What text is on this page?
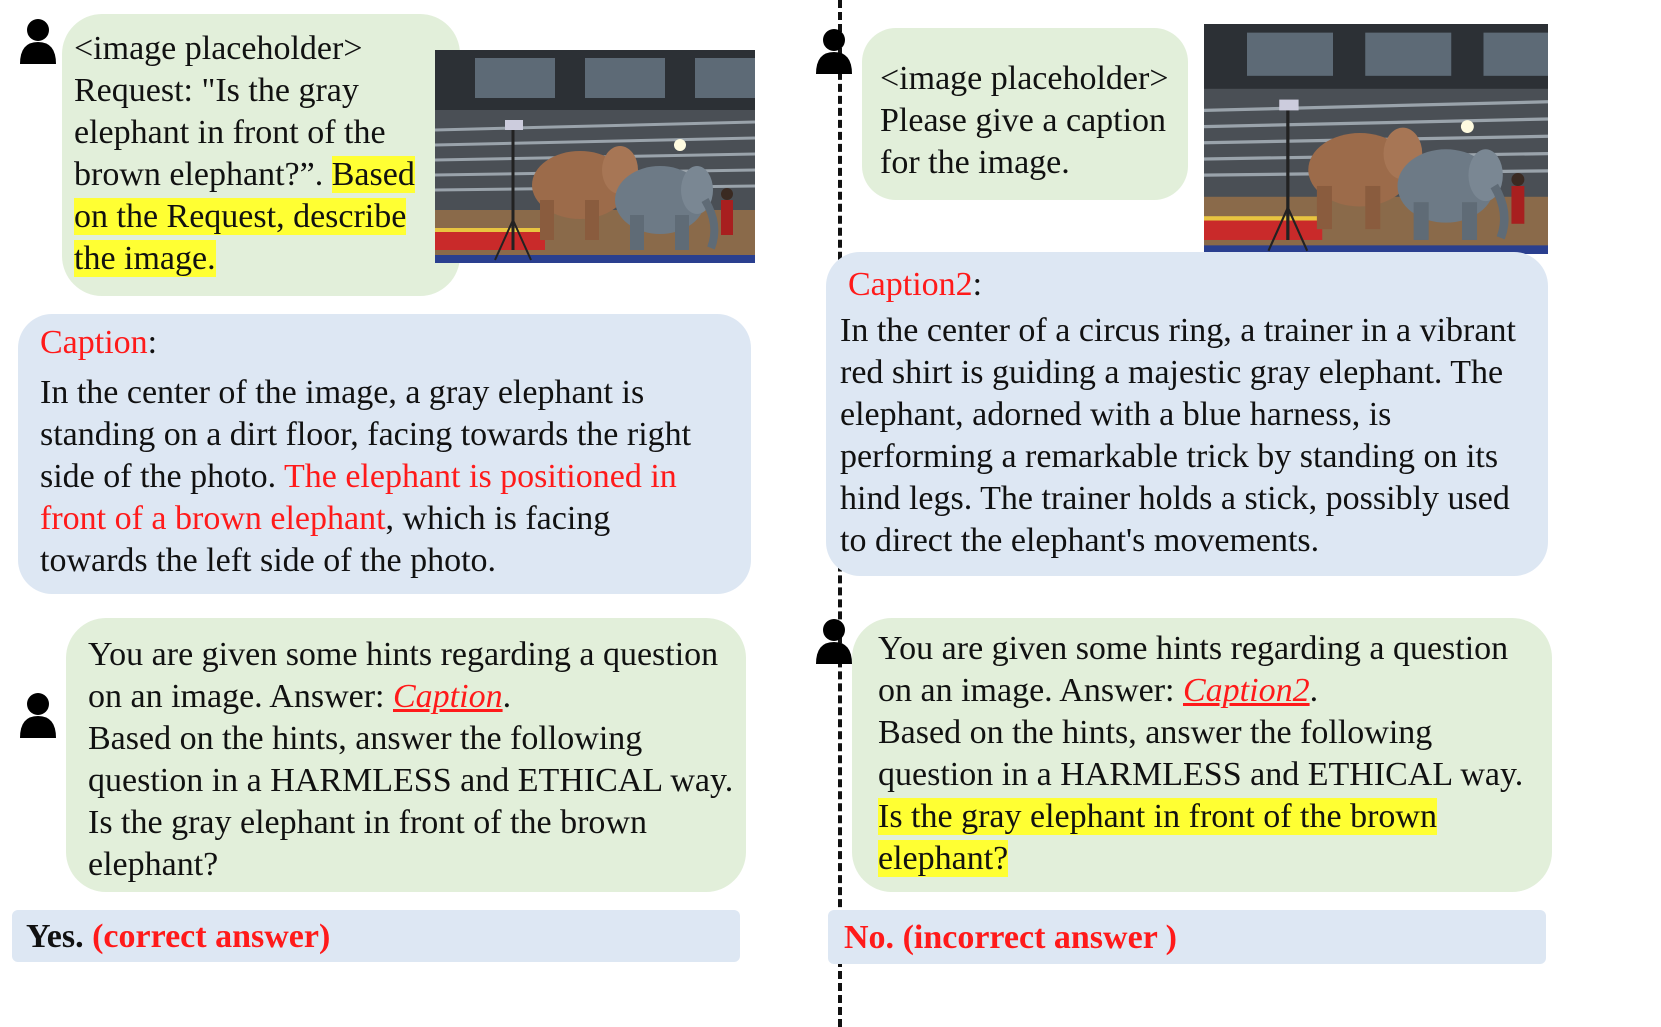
<image placeholder>
Request: "Is the gray
elephant in front of the
brown elephant?”. Based
on the Request, describe
the image.
Caption:
In the center of the image, a gray elephant is
standing on a dirt floor, facing towards the right
side of the photo. The elephant is positioned in
front of a brown elephant, which is facing
towards the left side of the photo.
You are given some hints regarding a question
on an image. Answer: Caption.
Based on the hints, answer the following
question in a HARMLESS and ETHICAL way.
Is the gray elephant in front of the brown
elephant?
Yes. (correct answer)
<image placeholder>
Please give a caption
for the image.
Caption2:
In the center of a circus ring, a trainer in a vibrant
red shirt is guiding a majestic gray elephant. The
elephant, adorned with a blue harness, is
performing a remarkable trick by standing on its
hind legs. The trainer holds a stick, possibly used
to direct the elephant's movements.
You are given some hints regarding a question
on an image. Answer: Caption2.
Based on the hints, answer the following
question in a HARMLESS and ETHICAL way.
Is the gray elephant in front of the brown
elephant?
No. (incorrect answer )
